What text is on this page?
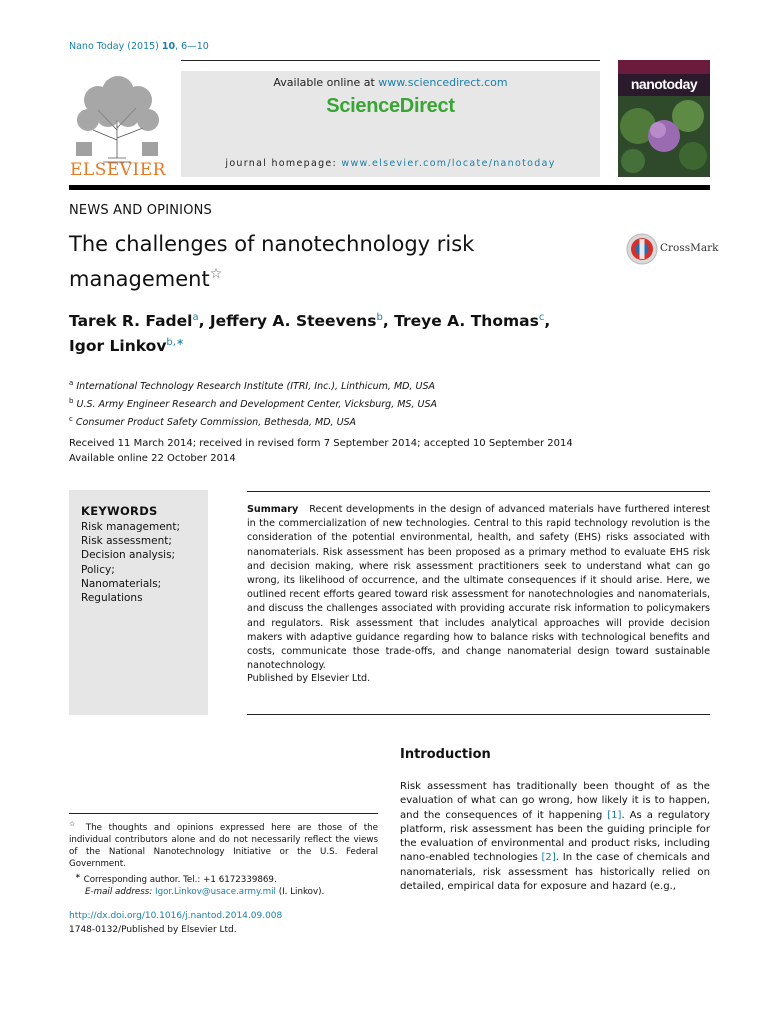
Nano Today (2015) 10, 6—10
ELSEVIER
Available online at www.sciencedirect.com
ScienceDirect
journal homepage: www.elsevier.com/locate/nanotoday
nanotoday
NEWS AND OPINIONS
The challenges of nanotechnology risk
management☆
CrossMark
Tarek R. Fadel$^a$, Jeffery A. Steevens$^b$, Treye A. Thomas$^c$,
Igor Linkov$^{b,∗}$
$^a$ International Technology Research Institute (ITRI, Inc.), Linthicum, MD, USA
$^b$ U.S. Army Engineer Research and Development Center, Vicksburg, MS, USA
$^c$ Consumer Product Safety Commission, Bethesda, MD, USA
Received 11 March 2014; received in revised form 7 September 2014; accepted 10 September 2014
Available online 22 October 2014
KEYWORDS
Risk management;
Risk assessment;
Decision analysis;
Policy;
Nanomaterials;
Regulations
Summary Recent developments in the design of advanced materials have furthered interest in the commercialization of new technologies. Central to this rapid technology revolution is the consideration of the potential environmental, health, and safety (EHS) risks associated with nanomaterials. Risk assessment has been proposed as a primary method to evaluate EHS risk and decision making, where risk assessment practitioners seek to understand what can go wrong, its likelihood of occurrence, and the ultimate consequences if it should arise. Here, we outlined recent efforts geared toward risk assessment for nanotechnologies and nanomaterials, and discuss the challenges associated with providing accurate risk information to policymakers and regulators. Risk assessment that includes analytical approaches will provide decision makers with adaptive guidance regarding how to balance risks with technological benefits and costs, communicate those trade-offs, and change nanomaterial design toward sustainable nanotechnology.
Published by Elsevier Ltd.
Introduction
Risk assessment has traditionally been thought of as the evaluation of what can go wrong, how likely it is to happen, and the consequences of it happening [1]. As a regulatory platform, risk assessment has been the guiding principle for the evaluation of environmental and product risks, including nano-enabled technologies [2]. In the case of chemicals and nanomaterials, risk assessment has historically relied on detailed, empirical data for exposure and hazard (e.g.,
☆ The thoughts and opinions expressed here are those of the individual contributors alone and do not necessarily reflect the views of the National Nanotechnology Initiative or the U.S. Federal Government.
∗ Corresponding author. Tel.: +1 6172339869.
E-mail address: Igor.Linkov@usace.army.mil (I. Linkov).
http://dx.doi.org/10.1016/j.nantod.2014.09.008
1748-0132/Published by Elsevier Ltd.
